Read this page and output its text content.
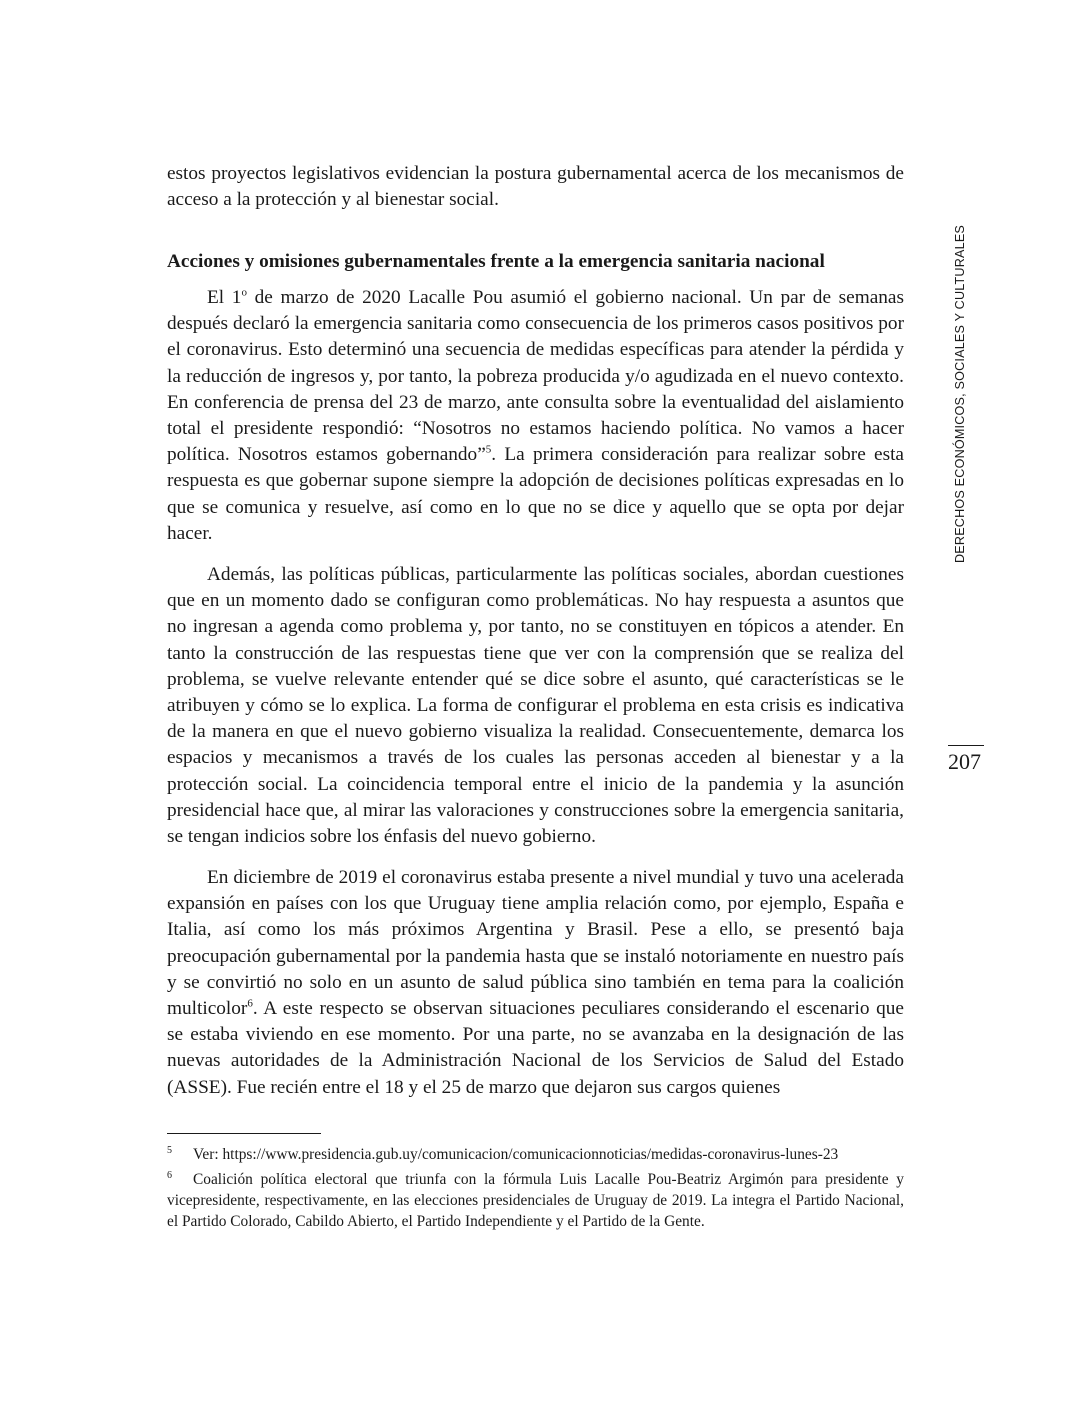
estos proyectos legislativos evidencian la postura gubernamental acerca de los mecanismos de acceso a la protección y al bienestar social.

Acciones y omisiones gubernamentales frente a la emergencia sanitaria nacional

El 1$^o$ de marzo de 2020 Lacalle Pou asumió el gobierno nacional. Un par de semanas después declaró la emergencia sanitaria como consecuencia de los primeros casos positivos por el coronavirus. Esto determinó una secuencia de medidas específicas para atender la pérdida y la reducción de ingresos y, por tanto, la pobreza producida y/o agudizada en el nuevo contexto. En conferencia de prensa del 23 de marzo, ante consulta sobre la eventualidad del aislamiento total el presidente respondió: “Nosotros no estamos haciendo política. No vamos a hacer política. Nosotros estamos gobernando”$^5$. La primera consideración para realizar sobre esta respuesta es que gobernar supone siempre la adopción de decisiones políticas expresadas en lo que se comunica y resuelve, así como en lo que no se dice y aquello que se opta por dejar hacer.

Además, las políticas públicas, particularmente las políticas sociales, abordan cuestiones que en un momento dado se configuran como problemáticas. No hay respuesta a asuntos que no ingresan a agenda como problema y, por tanto, no se constituyen en tópicos a atender. En tanto la construcción de las respuestas tiene que ver con la comprensión que se realiza del problema, se vuelve relevante entender qué se dice sobre el asunto, qué características se le atribuyen y cómo se lo explica. La forma de configurar el problema en esta crisis es indicativa de la manera en que el nuevo gobierno visualiza la realidad. Consecuentemente, demarca los espacios y mecanismos a través de los cuales las personas acceden al bienestar y a la protección social. La coincidencia temporal entre el inicio de la pandemia y la asunción presidencial hace que, al mirar las valoraciones y construcciones sobre la emergencia sanitaria, se tengan indicios sobre los énfasis del nuevo gobierno.

En diciembre de 2019 el coronavirus estaba presente a nivel mundial y tuvo una acelerada expansión en países con los que Uruguay tiene amplia relación como, por ejemplo, España e Italia, así como los más próximos Argentina y Brasil. Pese a ello, se presentó baja preocupación gubernamental por la pandemia hasta que se instaló notoriamente en nuestro país y se convirtió no solo en un asunto de salud pública sino también en tema para la coalición multicolor$^6$. A este respecto se observan situaciones peculiares considerando el escenario que se estaba viviendo en ese momento. Por una parte, no se avanzaba en la designación de las nuevas autoridades de la Administración Nacional de los Servicios de Salud del Estado (ASSE). Fue recién entre el 18 y el 25 de marzo que dejaron sus cargos quienes

5 Ver: https://www.presidencia.gub.uy/comunicacion/comunicacionnoticias/medidas-coronavirus-lunes-23

6 Coalición política electoral que triunfa con la fórmula Luis Lacalle Pou-Beatriz Argimón para presidente y vicepresidente, respectivamente, en las elecciones presidenciales de Uruguay de 2019. La integra el Partido Nacional, el Partido Colorado, Cabildo Abierto, el Partido Independiente y el Partido de la Gente.

DERECHOS ECONÓMICOS, SOCIALES Y CULTURALES
207
